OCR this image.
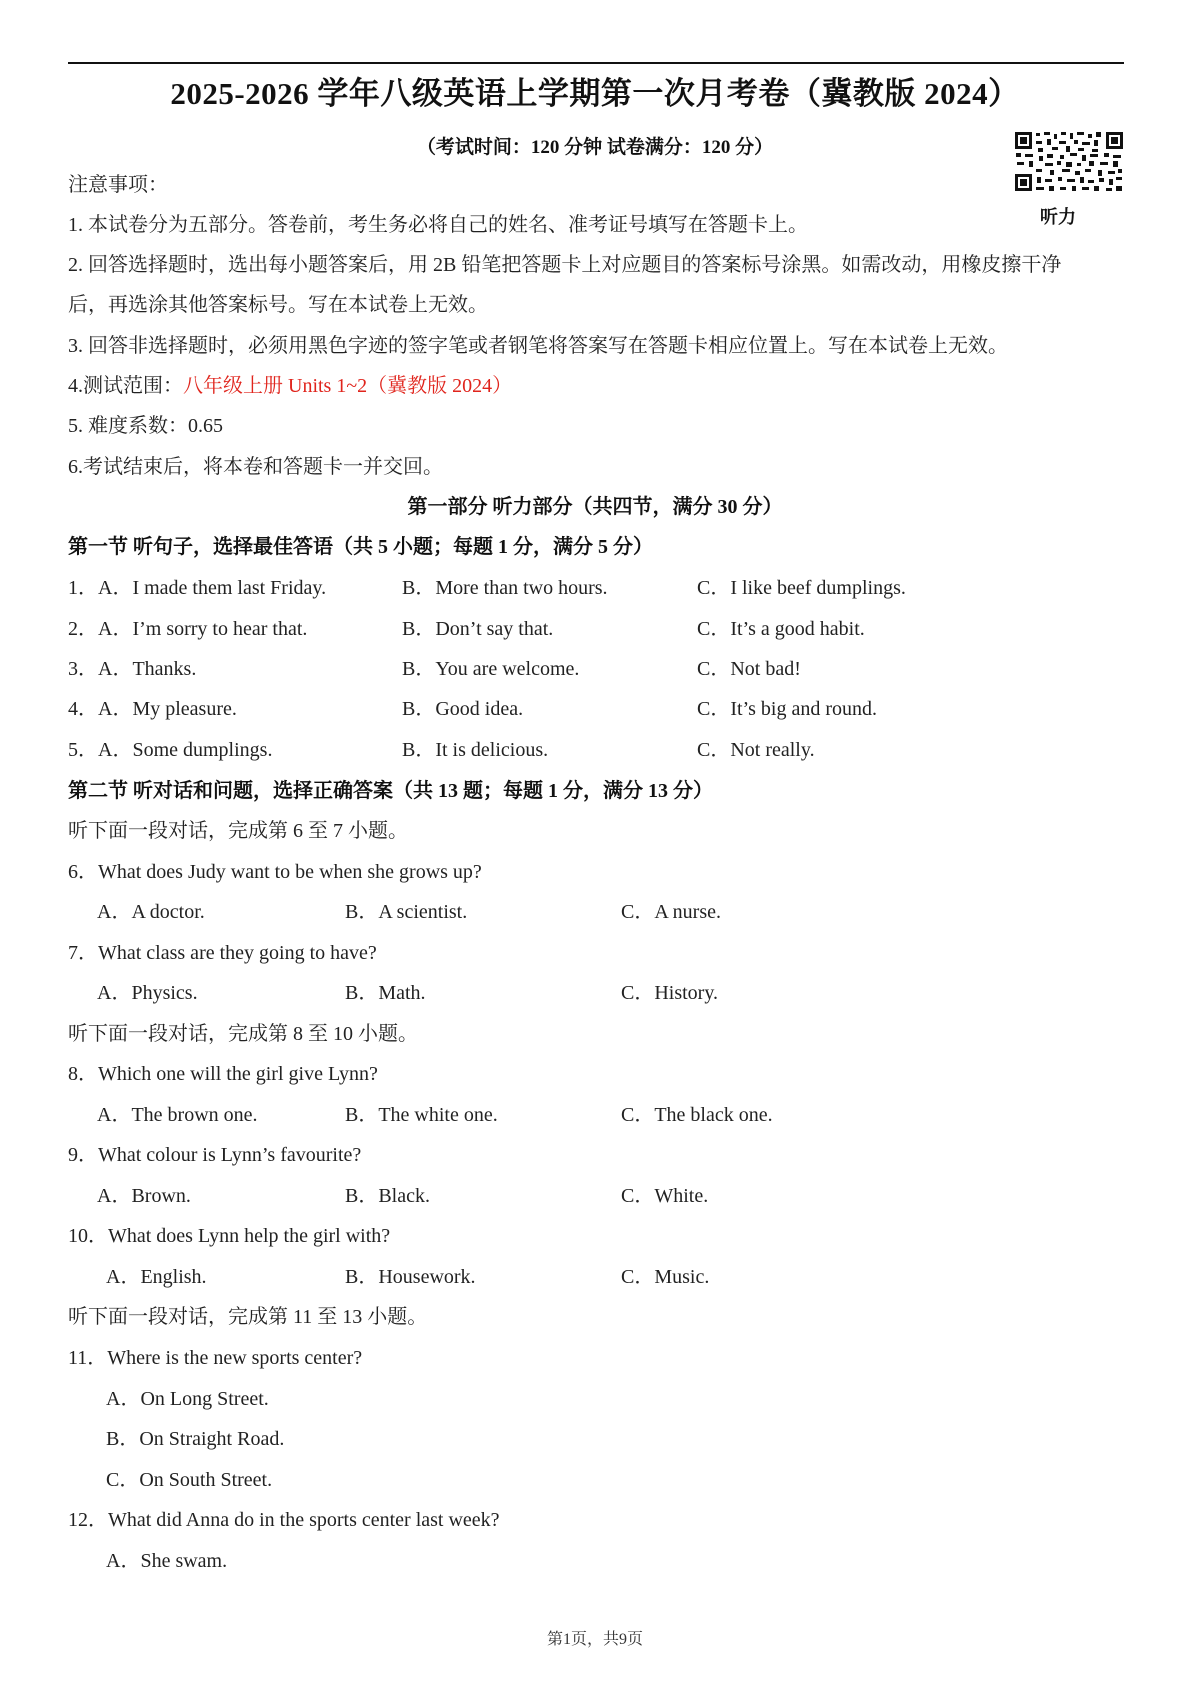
2025-2026 学年八级英语上学期第一次月考卷（冀教版 2024）
（考试时间：120 分钟 试卷满分：120 分）
听力
注意事项：
1. 本试卷分为五部分。答卷前，考生务必将自己的姓名、准考证号填写在答题卡上。
2. 回答选择题时，选出每小题答案后，用 2B 铅笔把答题卡上对应题目的答案标号涂黑。如需改动，用橡皮擦干净
后，再选涂其他答案标号。写在本试卷上无效。
3. 回答非选择题时，必须用黑色字迹的签字笔或者钢笔将答案写在答题卡相应位置上。写在本试卷上无效。
4.测试范围：八年级上册 Units 1~2（冀教版 2024）
5. 难度系数：0.65
6.考试结束后，将本卷和答题卡一并交回。
第一部分 听力部分（共四节，满分 30 分）
第一节 听句子，选择最佳答语（共 5 小题；每题 1 分，满分 5 分）
1．A．I made them last Friday.	B．More than two hours.	C．I like beef dumplings.
2．A．I’m sorry to hear that.	B．Don’t say that.	C．It’s a good habit.
3．A．Thanks.	B．You are welcome.	C．Not bad!
4．A．My pleasure.	B．Good idea.	C．It’s big and round.
5．A．Some dumplings.	B．It is delicious.	C．Not really.
第二节 听对话和问题，选择正确答案（共 13 题；每题 1 分，满分 13 分）
听下面一段对话，完成第 6 至 7 小题。
6．What does Judy want to be when she grows up?
A．A doctor.	B．A scientist.	C．A nurse.
7．What class are they going to have?
A．Physics.	B．Math.	C．History.
听下面一段对话，完成第 8 至 10 小题。
8．Which one will the girl give Lynn?
A．The brown one.	B．The white one.	C．The black one.
9．What colour is Lynn’s favourite?
A．Brown.	B．Black.	C．White.
10．What does Lynn help the girl with?
A．English.	B．Housework.	C．Music.
听下面一段对话，完成第 11 至 13 小题。
11．Where is the new sports center?
A．On Long Street.
B．On Straight Road.
C．On South Street.
12．What did Anna do in the sports center last week?
A．She swam.
第1页，共9页
